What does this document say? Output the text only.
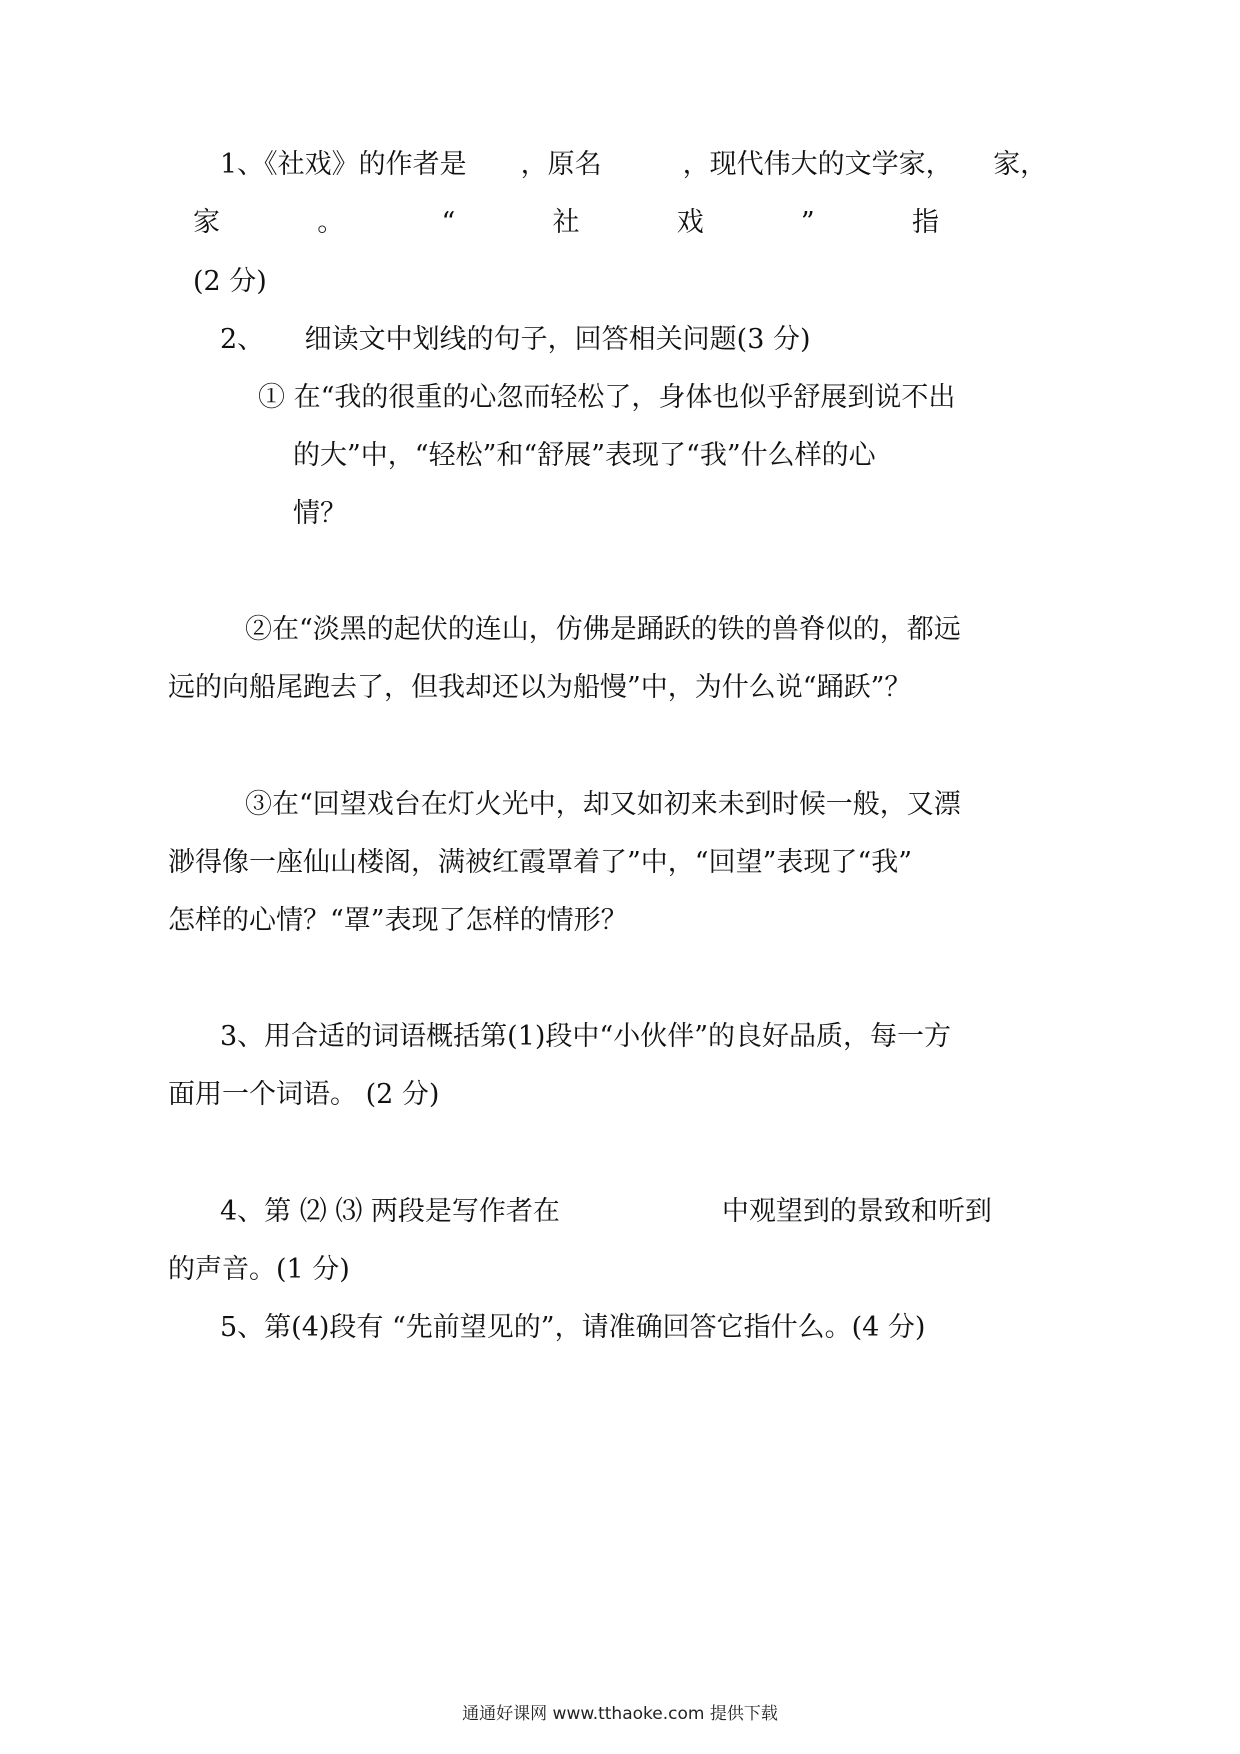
1、《社戏》的作者是　　，原名　　　，现代伟大的文学家，　　家，
家	。	“	社	戏	”	指
(2 分)
2、　　细读文中划线的句子，回答相关问题(3 分)
① 在“我的很重的心忽而轻松了，身体也似乎舒展到说不出
的大”中，“轻松”和“舒展”表现了“我”什么样的心
情？
②在“淡黑的起伏的连山，仿佛是踊跃的铁的兽脊似的，都远
远的向船尾跑去了，但我却还以为船慢”中，为什么说“踊跃”？
③在“回望戏台在灯火光中，却又如初来未到时候一般，又漂
渺得像一座仙山楼阁，满被红霞罩着了”中，“回望”表现了“我”
怎样的心情？“罩”表现了怎样的情形？
3、用合适的词语概括第(1)段中“小伙伴”的良好品质，每一方
面用一个词语。 (2 分)
4、第 ⑵ ⑶ 两段是写作者在　　　　　　中观望到的景致和听到
的声音。(1 分)
5、第(4)段有 “先前望见的”，请准确回答它指什么。(4 分)
通通好课网 www.tthaoke.com 提供下载
